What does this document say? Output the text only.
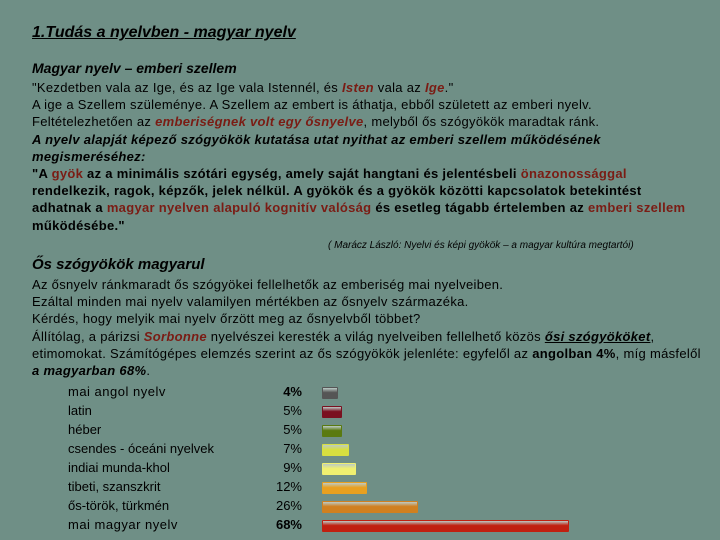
1.Tudás a nyelvben - magyar nyelv
Magyar nyelv – emberi szellem
"Kezdetben vala az Ige, és az Ige vala Istennél, és Isten vala az Ige."
A ige a Szellem szüleménye. A Szellem az embert is áthatja, ebből született az emberi nyelv.
Feltételezhetően az emberiségnek volt egy ősnyelve, melyből ős szógyökök maradtak ránk.
A nyelv alapját képező szógyökök kutatása utat nyithat az emberi szellem működésének megismeréséhez:
"A gyök az a minimális szótári egység, amely saját hangtani és jelentésbeli önazonossággal rendelkezik, ragok, képzők, jelek nélkül. A gyökök és a gyökök közötti kapcsolatok betekintést adhatnak a magyar nyelven alapuló kognitív valóság és esetleg tágabb értelemben az emberi szellem működésébe."
( Marácz László: Nyelvi és képi gyökök – a magyar kultúra megtartói)
Ős szógyökök magyarul
Az ősnyelv ránkmaradt ős szógyökei fellelhetők az emberiség mai nyelveiben.
Ezáltal minden mai nyelv valamilyen mértékben az ősnyelv származéka.
Kérdés, hogy melyik mai nyelv őrzött meg az ősnyelvből többet?
Állítólag, a párizsi Sorbonne nyelvészei keresték a világ nyelveiben fellelhető közös ősi szógyököket, etimomokat. Számítógépes elemzés szerint az ős szógyökök jelenléte: egyfelől az angolban 4%, míg másfelől a magyarban 68%.
mai angol nyelv	4%
latin	5%
héber	5%
csendes - óceáni nyelvek	7%
indiai munda-khol	9%
tibeti, szanszkrit	12%
ős-török, türkmén	26%
mai magyar nyelv	68%
